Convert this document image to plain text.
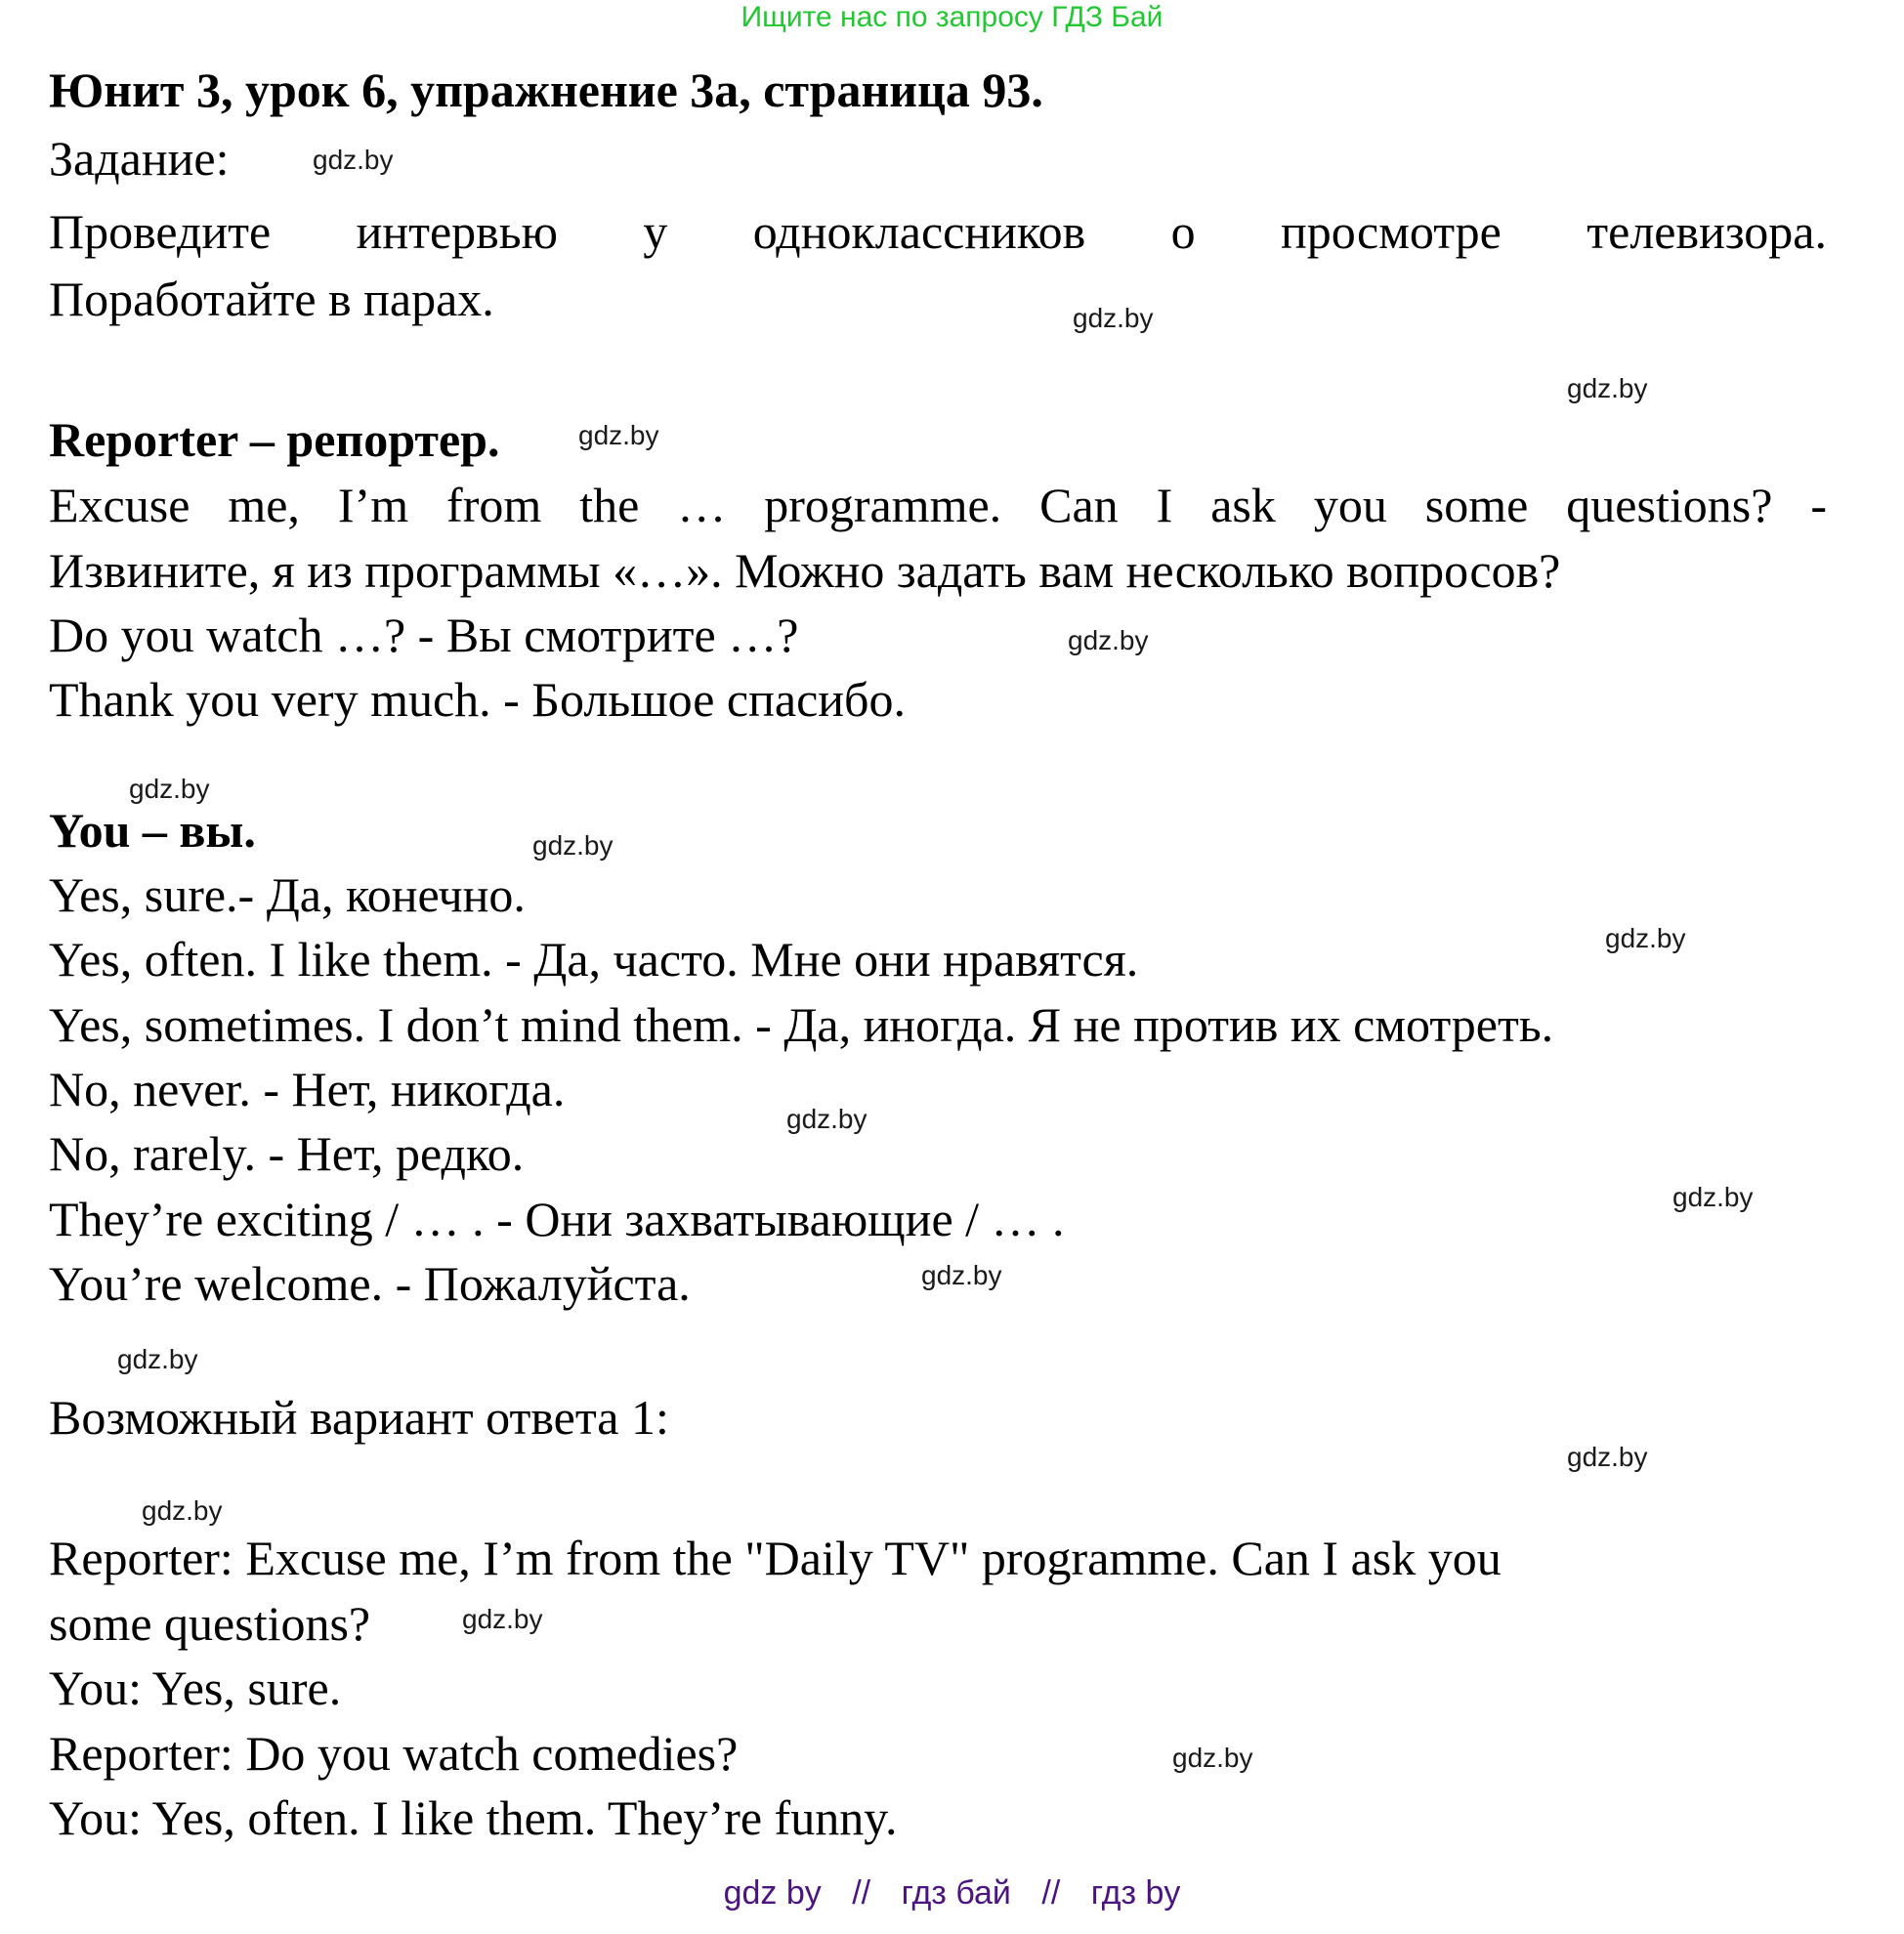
Ищите нас по запросу ГДЗ Бай
Юнит 3, урок 6, упражнение 3а, страница 93.
Задание:	gdz.by
Проведите интервью у одноклассников о просмотре телевизора.
Поработайте в парах.	gdz.by
gdz.by
Reporter – репортер.	gdz.by
Excuse me, I’m from the … programme. Can I ask you some questions? -
Извините, я из программы «…». Можно задать вам несколько вопросов?
Do you watch …? - Вы смотрите …?	gdz.by
Thank you very much. - Большое спасибо.
gdz.by
You – вы.	gdz.by
Yes, sure.- Да, конечно.
gdz.by
Yes, often. I like them. - Да, часто. Мне они нравятся.
Yes, sometimes. I don’t mind them. - Да, иногда. Я не против их смотреть.
No, never. - Нет, никогда.
gdz.by
No, rarely. - Нет, редко.
gdz.by
They’re exciting / … . - Они захватывающие / … .
You’re welcome. - Пожалуйста.	gdz.by
gdz.by
Возможный вариант ответа 1:
gdz.by
gdz.by
Reporter: Excuse me, I’m from the "Daily TV" programme. Can I ask you
some questions?	gdz.by
You: Yes, sure.
Reporter: Do you watch comedies?	gdz.by
You: Yes, often. I like them. They’re funny.
gdz by // гдз бай // гдз by
